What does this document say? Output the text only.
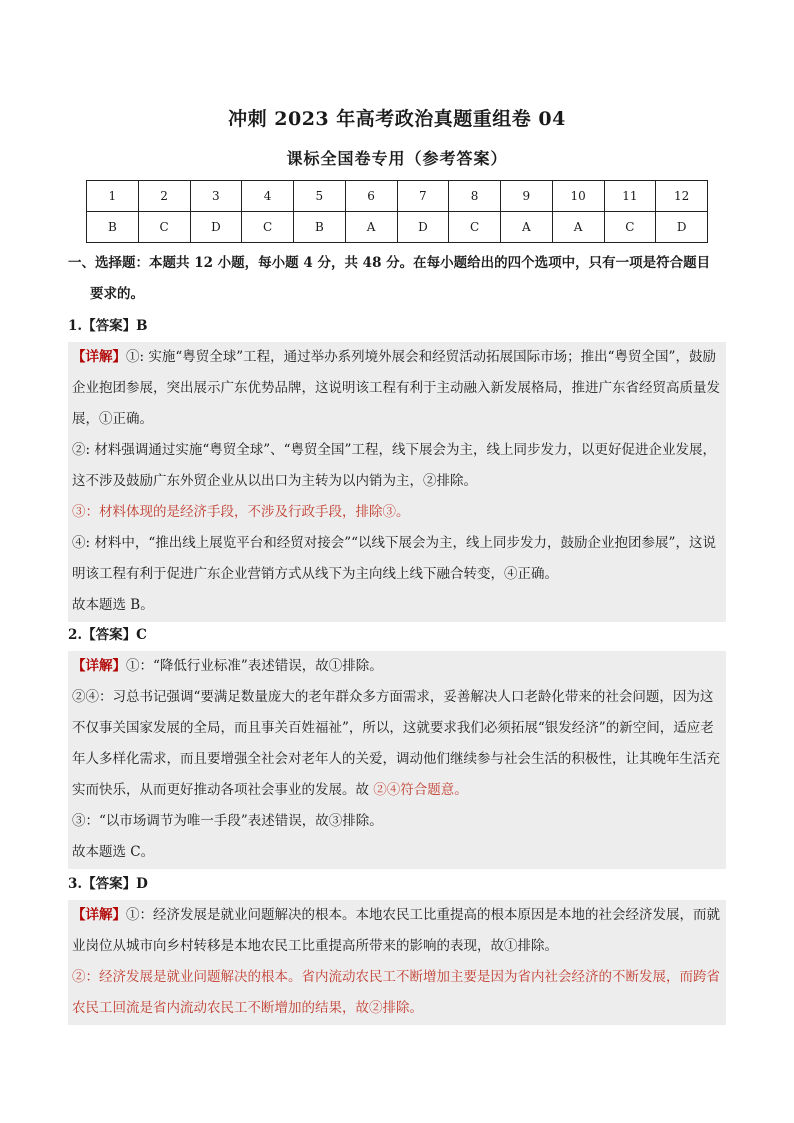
冲刺 2023 年高考政治真题重组卷 04
课标全国卷专用（参考答案）
1	2	3	4	5	6	7	8	9	10	11	12
B	C	D	C	B	A	D	C	A	A	C	D
一、选择题：本题共 12 小题，每小题 4 分，共 48 分。在每小题给出的四个选项中，只有一项是符合题目
要求的。
1.【答案】B
【详解】①: 实施“粤贸全球”工程，通过举办系列境外展会和经贸活动拓展国际市场；推出“粤贸全国”，鼓励企业抱团参展，突出展示广东优势品牌，这说明该工程有利于主动融入新发展格局，推进广东省经贸高质量发展，①正确。
②: 材料强调通过实施“粤贸全球”、“粤贸全国”工程，线下展会为主，线上同步发力，以更好促进企业发展，这不涉及鼓励广东外贸企业从以出口为主转为以内销为主，②排除。
③：材料体现的是经济手段，不涉及行政手段，排除③。
④: 材料中，“推出线上展览平台和经贸对接会”“以线下展会为主，线上同步发力，鼓励企业抱团参展”，这说明该工程有利于促进广东企业营销方式从线下为主向线上线下融合转变，④正确。
故本题选 B。
2.【答案】C
【详解】①：“降低行业标准”表述错误，故①排除。
②④：习总书记强调“要满足数量庞大的老年群众多方面需求，妥善解决人口老龄化带来的社会问题，因为这不仅事关国家发展的全局，而且事关百姓福祉”，所以，这就要求我们必须拓展“银发经济”的新空间，适应老年人多样化需求，而且要增强全社会对老年人的关爱，调动他们继续参与社会生活的积极性，让其晚年生活充实而快乐，从而更好推动各项社会事业的发展。故 ②④符合题意。
③：“以市场调节为唯一手段”表述错误，故③排除。
故本题选 C。
3.【答案】D
【详解】①：经济发展是就业问题解决的根本。本地农民工比重提高的根本原因是本地的社会经济发展，而就业岗位从城市向乡村转移是本地农民工比重提高所带来的影响的表现，故①排除。
②：经济发展是就业问题解决的根本。省内流动农民工不断增加主要是因为省内社会经济的不断发展，而跨省农民工回流是省内流动农民工不断增加的结果，故②排除。
